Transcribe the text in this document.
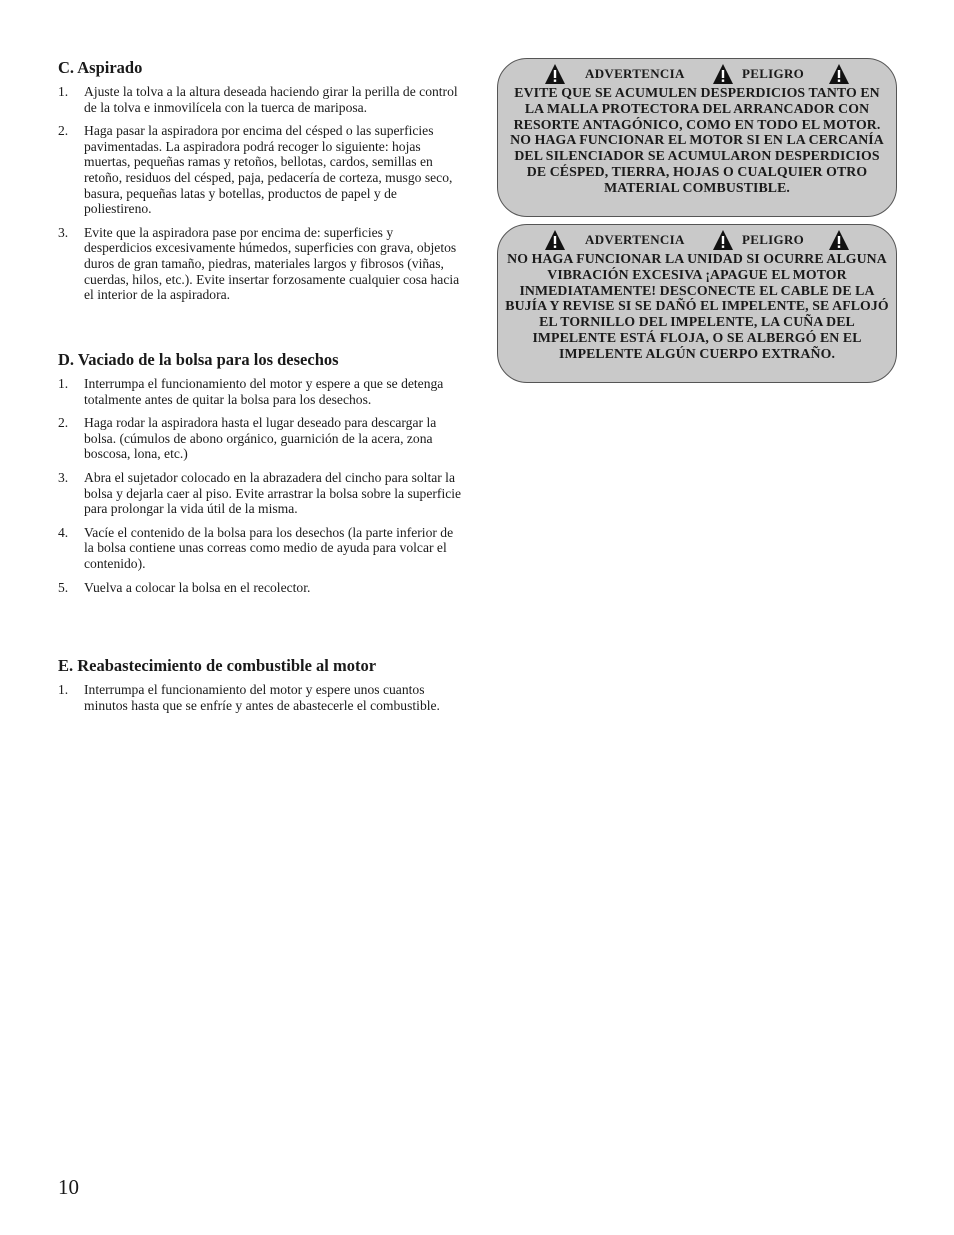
C. Aspirado
1. Ajuste la tolva a la altura deseada haciendo girar la perilla de control de la tolva e inmovilícela con la tuerca de mariposa.
2. Haga pasar la aspiradora por encima del césped o las superficies pavimentadas. La aspiradora podrá recoger lo siguiente: hojas muertas, pequeñas ramas y retoños, bellotas, cardos, semillas en retoño, residuos del césped, paja, pedacería de corteza, musgo seco, basura, pequeñas latas y botellas, productos de papel y de poliestireno.
3. Evite que la aspiradora pase por encima de: superficies y desperdicios excesivamente húmedos, superficies con grava, objetos duros de gran tamaño, piedras, materiales largos y fibrosos (viñas, cuerdas, hilos, etc.). Evite insertar forzosamente cualquier cosa hacia el interior de la aspiradora.
D. Vaciado de la bolsa para los desechos
1. Interrumpa el funcionamiento del motor y espere a que se detenga totalmente antes de quitar la bolsa para los desechos.
2. Haga rodar la aspiradora hasta el lugar deseado para descargar la bolsa. (cúmulos de abono orgánico, guarnición de la acera, zona boscosa, lona, etc.)
3. Abra el sujetador colocado en la abrazadera del cincho para soltar la bolsa y dejarla caer al piso. Evite arrastrar la bolsa sobre la superficie para prolongar la vida útil de la misma.
4. Vacíe el contenido de la bolsa para los desechos (la parte inferior de la bolsa contiene unas correas como medio de ayuda para volcar el contenido).
5. Vuelva a colocar la bolsa en el recolector.
E. Reabastecimiento de combustible al motor
1. Interrumpa el funcionamiento del motor y espere unos cuantos minutos hasta que se enfríe y antes de abastecerle el combustible.
ADVERTENCIA	PELIGRO
EVITE QUE SE ACUMULEN DESPERDICIOS TANTO EN LA MALLA PROTECTORA DEL ARRANCADOR CON RESORTE ANTAGÓNICO, COMO EN TODO EL MOTOR. NO HAGA FUNCIONAR EL MOTOR SI EN LA CERCANÍA DEL SILENCIADOR SE ACUMULARON DESPERDICIOS DE CÉSPED, TIERRA, HOJAS O CUALQUIER OTRO MATERIAL COMBUSTIBLE.
ADVERTENCIA	PELIGRO
NO HAGA FUNCIONAR LA UNIDAD SI OCURRE ALGUNA VIBRACIÓN EXCESIVA ¡APAGUE EL MOTOR INMEDIATAMENTE! DESCONECTE EL CABLE DE LA BUJÍA Y REVISE SI SE DAÑÓ EL IMPELENTE, SE AFLOJÓ EL TORNILLO DEL IMPELENTE, LA CUÑA DEL IMPELENTE ESTÁ FLOJA, O SE ALBERGÓ EN EL IMPELENTE ALGÚN CUERPO EXTRAÑO.
10
